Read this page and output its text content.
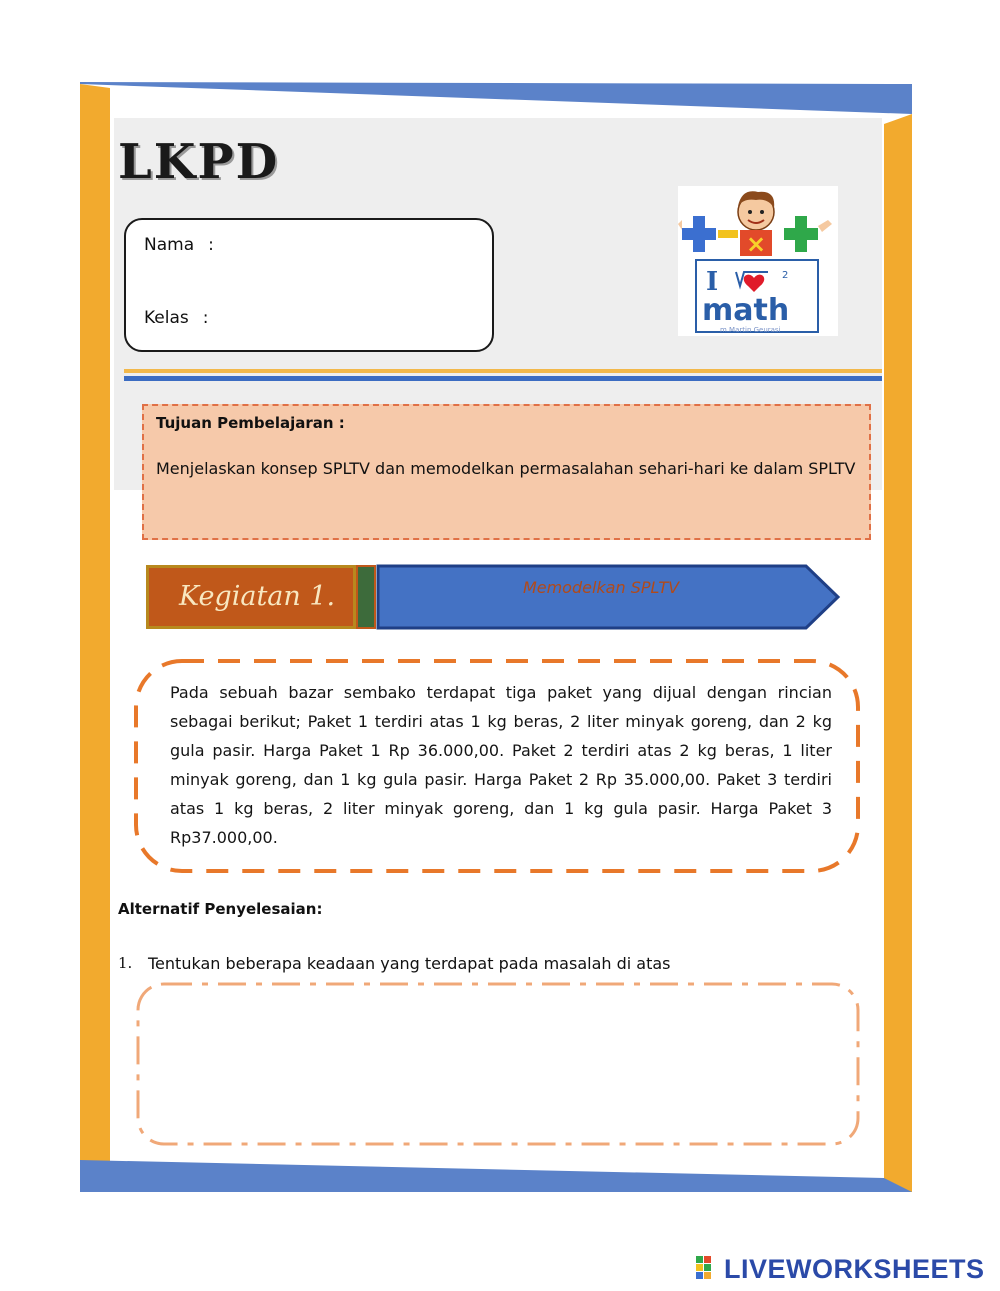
LKPD
Nama :
Kelas :
×
I	2
math
m.Martin Geurasi

Tujuan Pembelajaran :

Menjelaskan konsep SPLTV dan memodelkan permasalahan sehari-hari ke dalam SPLTV

Kegiatan 1.	Memodelkan SPLTV

Pada sebuah bazar sembako terdapat tiga paket yang dijual dengan rincian sebagai berikut; Paket 1 terdiri atas 1 kg beras, 2 liter minyak goreng, dan 2 kg gula pasir. Harga Paket 1 Rp 36.000,00. Paket 2 terdiri atas 2 kg beras, 1 liter minyak goreng, dan 1 kg gula pasir. Harga Paket 2 Rp 35.000,00. Paket 3 terdiri atas 1 kg beras, 2 liter minyak goreng, dan 1 kg gula pasir. Harga Paket 3 Rp37.000,00.

Alternatif Penyelesaian:
1. Tentukan beberapa keadaan yang terdapat pada masalah di atas
LIVEWORKSHEETS
